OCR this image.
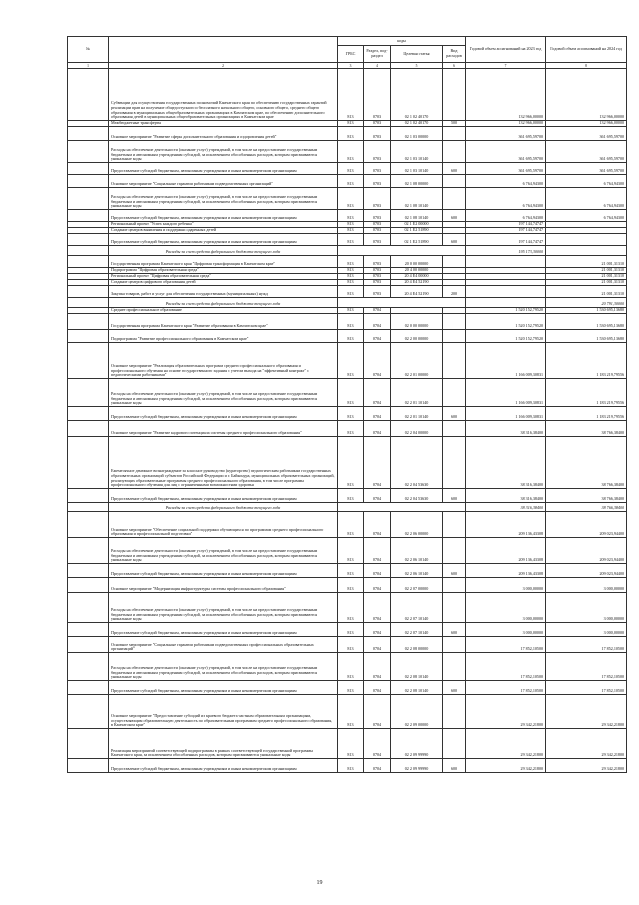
№		коды				Годовой объем ассигнований на 2023 год	Годовой объем ассигнований на 2024 год
		ГРБС	Раздел, под-раздел	Целевая статья	Вид расходов		
1	2	3	4	5	6	7	8
	Субвенции для осуществления государственных полномочий Камчатского края по обеспечению государственных гарантий реализации прав на получение общедоступного и бесплатного начального общего, основного общего, среднего общего образования в муниципальных общеобразовательных организациях в Камчатском крае, по обеспечению дополнительного образования детей в муниципальных общеобразовательных организациях в Камчатском крае	813	0703	02 1 02 40170		132 966,00000	132 966,00000
	Межбюджетные трансферты	813	0703	02 1 02 40170	500	132 966,00000	132 966,00000
	Основное мероприятие "Развитие сферы дополнительного образования и оздоровления детей"	813	0703	02 1 03 00000		361 695,59700	361 695,59700
	Расходы на обеспечение деятельности (оказание услуг) учреждений, в том числе на предоставление государственным бюджетным и автономным учреждениям субсидий, за исключением обособленных расходов, которым присваиваются уникальные коды	813	0703	02 1 03 10140		361 695,59700	361 695,59700
	Предоставление субсидий бюджетным, автономным учреждениям и иным некоммерческим организациям	813	0703	02 1 03 10140	600	361 695,59700	361 695,59700
	Основное мероприятие "Социальные гарантии работникам подведомственных организаций"	813	0703	02 1 08 00000		6 764,94300	6 764,94300
	Расходы на обеспечение деятельности (оказание услуг) учреждений, в том числе на предоставление государственным бюджетным и автономным учреждениям субсидий, за исключением обособленных расходов, которым присваиваются уникальные коды	813	0703	02 1 08 10140		6 764,94300	6 764,94300
	Предоставление субсидий бюджетным, автономным учреждениям и иным некоммерческим организациям	813	0703	02 1 08 10140	600	6 764,94300	6 764,94300
	Региональный проект "Успех каждого ребенка"	813	0703	02 1 E2 00000		197 144,74747	
	Создание центров выявления и поддержки одаренных детей	813	0703	02 1 E2 51890		197 144,74747	
	Предоставление субсидий бюджетным, автономным учреждениям и иным некоммерческим организациям	813	0703	02 1 E2 51890	600	197 144,74747	
	Расходы за счет средств федерального бюджета текущего года					195 173,30000	
	Государственная программа Камчатского края "Цифровая трансформация в Камчатском крае"	813	0703	20 0 00 00000			21 001,31310
	Подпрограмма "Цифровая образовательная среда"	813	0703	20 4 00 00000			21 001,31310
	Региональный проект "Цифровая образовательная среда"	813	0703	20 4 E4 00000			21 001,31310
	Создание центров цифрового образования детей	813	0703	20 4 E4 52190			21 001,31310
	Закупка товаров, работ и услуг для обеспечения государственных (муниципальных) нужд	813	0703	20 4 E4 52190	200		21 001,31310
	Расходы за счет средств федерального бюджета текущего года						20 791,30000
	Среднее профессиональное образование	813	0704			1 520 152,79520	1 530 695,13680
	Государственная программа Камчатского края "Развитие образования в Камчатском крае"	813	0704	02 0 00 00000		1 520 152,79520	1 530 695,13680
	Подпрограмма "Развитие профессионального образования в Камчатском крае"	813	0704	02 2 00 00000		1 520 152,79520	1 530 695,13680
	Основное мероприятие "Реализация образовательных программ среднего профессионального образования и профессионального обучения на основе государственного задания с учетом выхода на "эффективный контракт" с педагогическими работниками"	813	0704	02 2 01 00000		1 166 009,30831	1 183 219,79556
	Расходы на обеспечение деятельности (оказание услуг) учреждений, в том числе на предоставление государственным бюджетным и автономным учреждениям субсидий, за исключением обособленных расходов, которым присваиваются уникальные коды	813	0704	02 2 01 10140		1 166 009,30831	1 183 219,79556
	Предоставление субсидий бюджетным, автономным учреждениям и иным некоммерческим организациям	813	0704	02 2 01 10140	600	1 166 009,30831	1 183 219,79556
	Основное мероприятие "Развитие кадрового потенциала системы среднего профессионального образования"	813	0704	02 2 04 00000		38 316,38400	38 766,38400
	Ежемесячное денежное вознаграждение за классное руководство (кураторство) педагогическим работникам государственных образовательных организаций субъектов Российской Федерации и г. Байконура, муниципальных образовательных организаций, реализующих образовательные программы среднего профессионального образования, в том числе программы профессионального обучения для лиц с ограниченными возможностями здоровья	813	0704	02 2 04 53630		38 316,38400	38 766,38400
	Предоставление субсидий бюджетным, автономным учреждениям и иным некоммерческим организациям	813	0704	02 2 04 53630	600	38 316,38400	38 766,38400
	Расходы за счет средств федерального бюджета текущего года					38 316,38400	38 766,38400
	Основное мероприятие "Обеспечение социальной поддержки обучающихся по программам среднего профессионального образования и профессиональной подготовки"	813	0704	02 2 06 00000		209 136,43308	209 023,94400
	Расходы на обеспечение деятельности (оказание услуг) учреждений, в том числе на предоставление государственным бюджетным и автономным учреждениям субсидий, за исключением обособленных расходов, которым присваиваются уникальные коды	813	0704	02 2 06 10140		209 136,43308	209 023,94400
	Предоставление субсидий бюджетным, автономным учреждениям и иным некоммерческим организациям	813	0704	02 2 06 10140	600	209 136,43308	209 023,94400
	Основное мероприятие "Модернизация инфраструктуры системы профессионального образования"	813	0704	02 2 07 00000		3 000,00000	3 000,00000
	Расходы на обеспечение деятельности (оказание услуг) учреждений, в том числе на предоставление государственным бюджетным и автономным учреждениям субсидий, за исключением обособленных расходов, которым присваиваются уникальные коды	813	0704	02 2 07 10140		3 000,00000	3 000,00000
	Предоставление субсидий бюджетным, автономным учреждениям и иным некоммерческим организациям	813	0704	02 2 07 10140	600	3 000,00000	3 000,00000
	Основное мероприятие "Социальные гарантии работникам подведомственных профессиональных образовательных организаций"	813	0704	02 2 08 00000		17 852,10500	17 852,10500
	Расходы на обеспечение деятельности (оказание услуг) учреждений, в том числе на предоставление государственным бюджетным и автономным учреждениям субсидий, за исключением обособленных расходов, которым присваиваются уникальные коды	813	0704	02 2 08 10140		17 852,10500	17 852,10500
	Предоставление субсидий бюджетным, автономным учреждениям и иным некоммерческим организациям	813	0704	02 2 08 10140	600	17 852,10500	17 852,10500
	Основное мероприятие "Предоставление субсидий из краевого бюджета частным образовательным организациям, осуществляющим образовательную деятельность по образовательным программам среднего профессионального образования, в Камчатском крае"	813	0704	02 2 09 00000		29 342,21800	29 342,21800
	Реализация мероприятий соответствующей подпрограммы в рамках соответствующей государственной программы Камчатского края, за исключением обособленных расходов, которым присваиваются уникальные коды	813	0704	02 2 09 99990		29 342,21800	29 342,21800
	Предоставление субсидий бюджетным, автономным учреждениям и иным некоммерческим организациям	813	0704	02 2 09 99990	600	29 342,21800	29 342,21800
19
